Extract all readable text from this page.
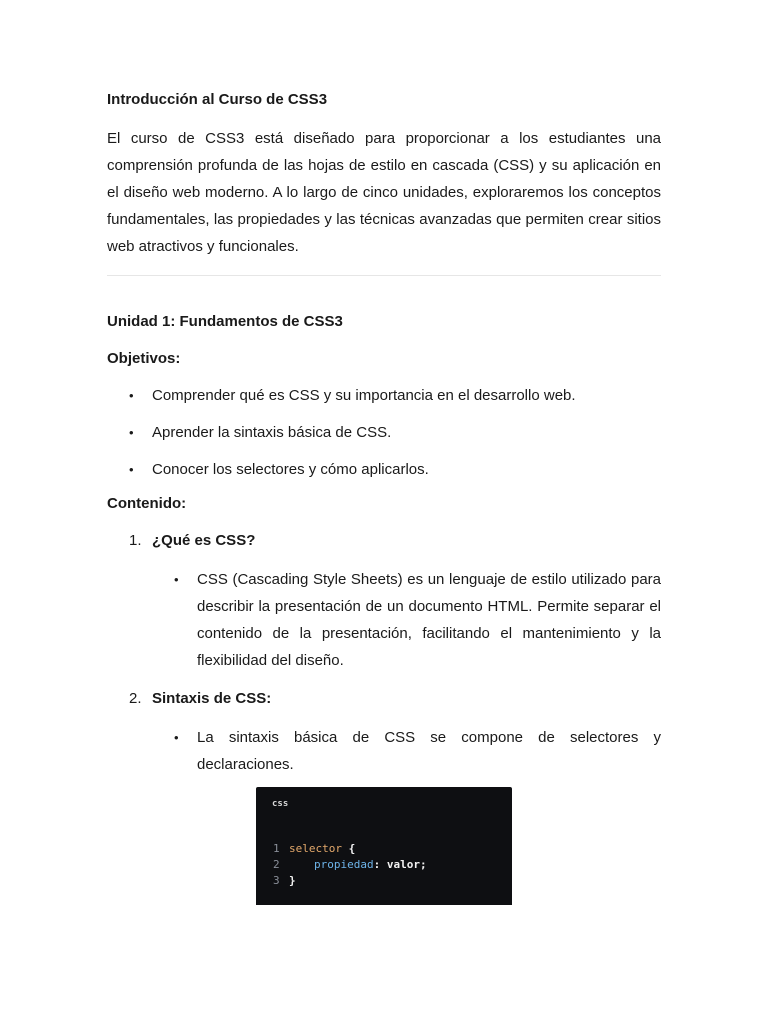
Introducción al Curso de CSS3

El curso de CSS3 está diseñado para proporcionar a los estudiantes una comprensión profunda de las hojas de estilo en cascada (CSS) y su aplicación en el diseño web moderno. A lo largo de cinco unidades, exploraremos los conceptos fundamentales, las propiedades y las técnicas avanzadas que permiten crear sitios web atractivos y funcionales.

Unidad 1: Fundamentos de CSS3

Objetivos:

• Comprender qué es CSS y su importancia en el desarrollo web.
• Aprender la sintaxis básica de CSS.
• Conocer los selectores y cómo aplicarlos.

Contenido:

1. ¿Qué es CSS?
• CSS (Cascading Style Sheets) es un lenguaje de estilo utilizado para describir la presentación de un documento HTML. Permite separar el contenido de la presentación, facilitando el mantenimiento y la flexibilidad del diseño.
2. Sintaxis de CSS:
• La sintaxis básica de CSS se compone de selectores y declaraciones.
css
1 selector {
2	propiedad: valor;
3 }
